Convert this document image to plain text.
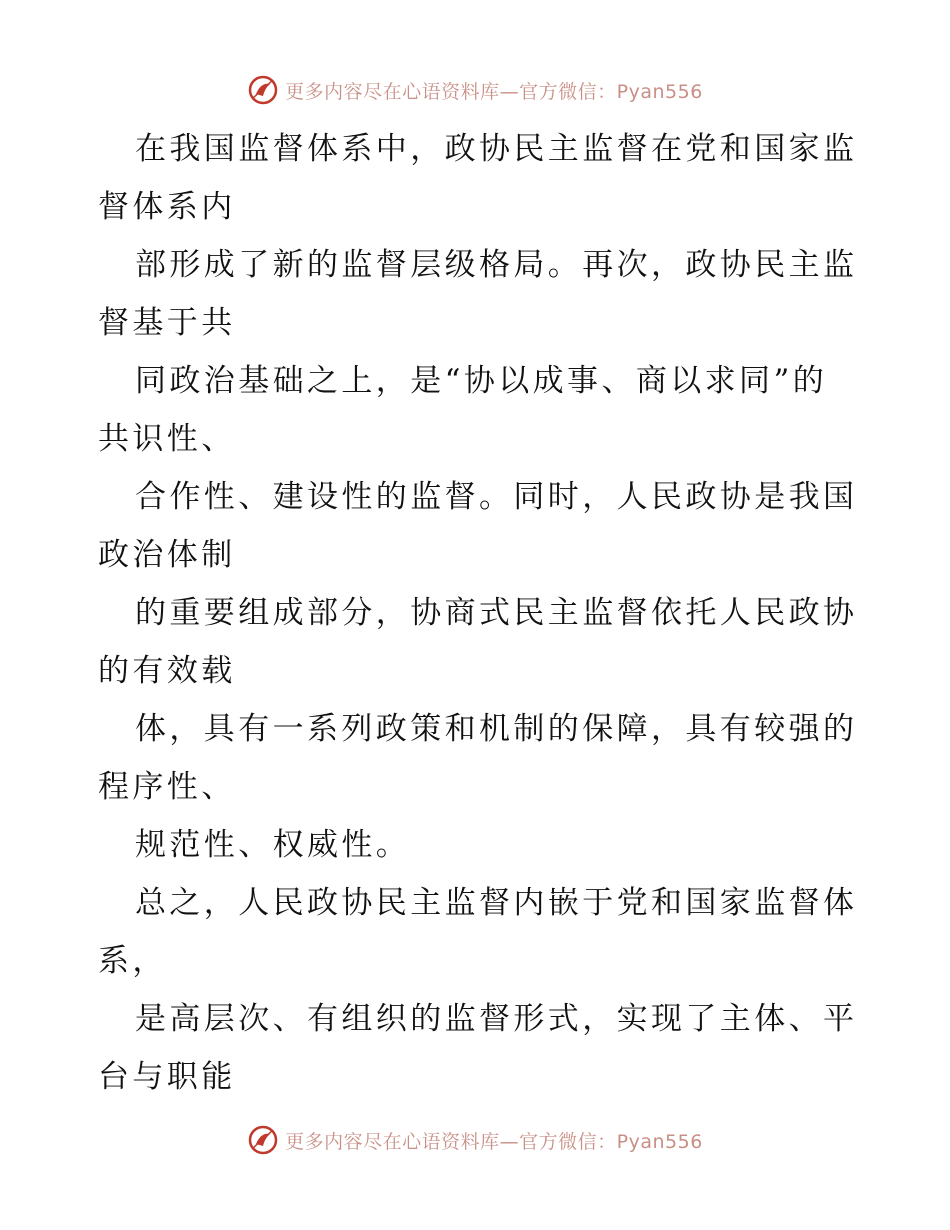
更多内容尽在心语资料库—官方微信：Pyan556
在我国监督体系中，政协民主监督在党和国家监
督体系内
部形成了新的监督层级格局。再次，政协民主监
督基于共
同政治基础之上，是“协以成事、商以求同”的
共识性、
合作性、建设性的监督。同时，人民政协是我国
政治体制
的重要组成部分，协商式民主监督依托人民政协
的有效载
体，具有一系列政策和机制的保障，具有较强的
程序性、
规范性、权威性。
总之，人民政协民主监督内嵌于党和国家监督体
系，
是高层次、有组织的监督形式，实现了主体、平
台与职能
更多内容尽在心语资料库—官方微信：Pyan556
